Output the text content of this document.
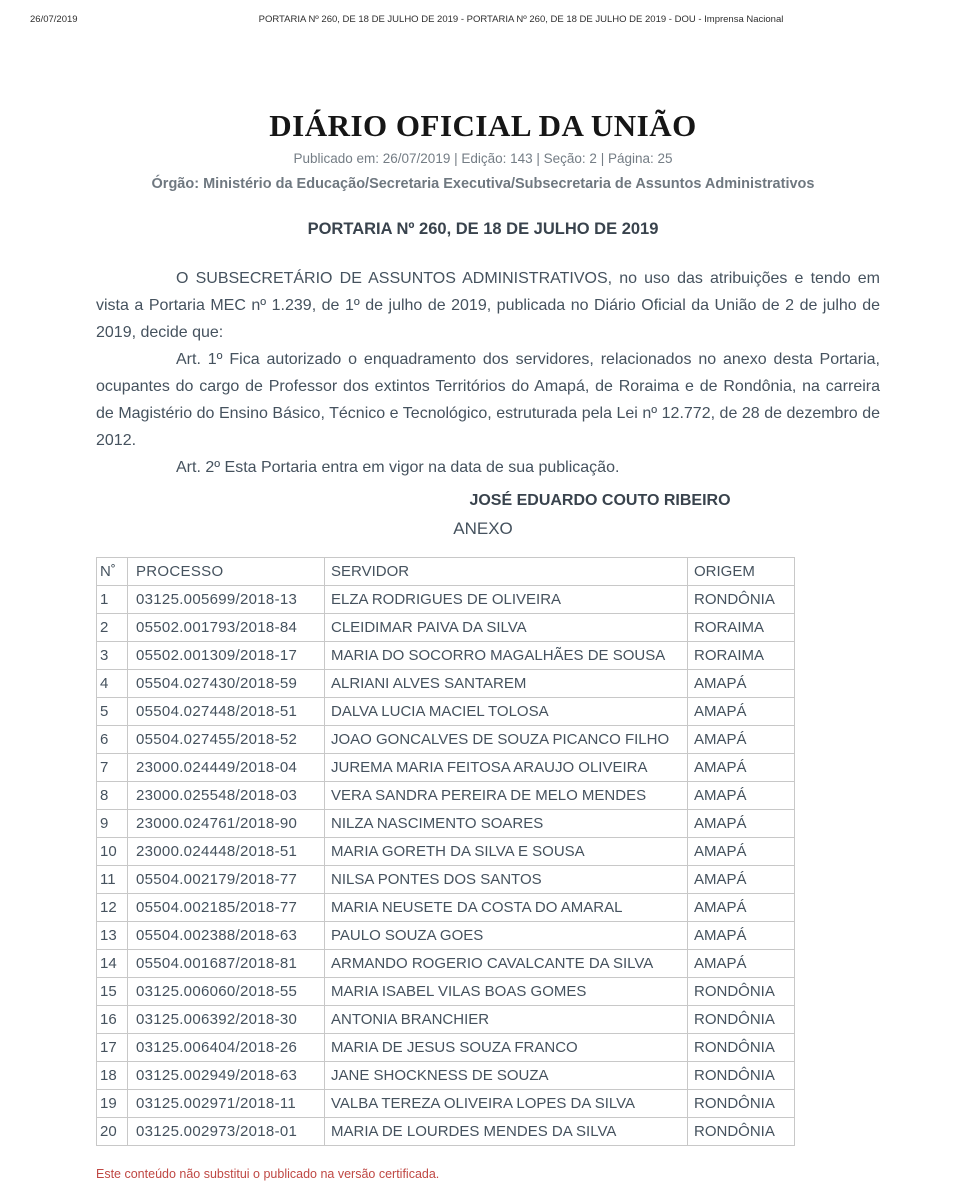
26/07/2019	PORTARIA Nº 260, DE 18 DE JULHO DE 2019 - PORTARIA Nº 260, DE 18 DE JULHO DE 2019 - DOU - Imprensa Nacional
DIÁRIO OFICIAL DA UNIÃO
Publicado em: 26/07/2019 | Edição: 143 | Seção: 2 | Página: 25
Órgão: Ministério da Educação/Secretaria Executiva/Subsecretaria de Assuntos Administrativos
PORTARIA Nº 260, DE 18 DE JULHO DE 2019

O SUBSECRETÁRIO DE ASSUNTOS ADMINISTRATIVOS, no uso das atribuições e tendo em vista a Portaria MEC nº 1.239, de 1º de julho de 2019, publicada no Diário Oficial da União de 2 de julho de 2019, decide que:

Art. 1º Fica autorizado o enquadramento dos servidores, relacionados no anexo desta Portaria, ocupantes do cargo de Professor dos extintos Territórios do Amapá, de Roraima e de Rondônia, na carreira de Magistério do Ensino Básico, Técnico e Tecnológico, estruturada pela Lei nº 12.772, de 28 de dezembro de 2012.

Art. 2º Esta Portaria entra em vigor na data de sua publicação.

JOSÉ EDUARDO COUTO RIBEIRO
ANEXO
N˚	PROCESSO	SERVIDOR	ORIGEM
1	03125.005699/2018-13	ELZA RODRIGUES DE OLIVEIRA	RONDÔNIA
2	05502.001793/2018-84	CLEIDIMAR PAIVA DA SILVA	RORAIMA
3	05502.001309/2018-17	MARIA DO SOCORRO MAGALHÃES DE SOUSA	RORAIMA
4	05504.027430/2018-59	ALRIANI ALVES SANTAREM	AMAPÁ
5	05504.027448/2018-51	DALVA LUCIA MACIEL TOLOSA	AMAPÁ
6	05504.027455/2018-52	JOAO GONCALVES DE SOUZA PICANCO FILHO	AMAPÁ
7	23000.024449/2018-04	JUREMA MARIA FEITOSA ARAUJO OLIVEIRA	AMAPÁ
8	23000.025548/2018-03	VERA SANDRA PEREIRA DE MELO MENDES	AMAPÁ
9	23000.024761/2018-90	NILZA NASCIMENTO SOARES	AMAPÁ
10	23000.024448/2018-51	MARIA GORETH DA SILVA E SOUSA	AMAPÁ
11	05504.002179/2018-77	NILSA PONTES DOS SANTOS	AMAPÁ
12	05504.002185/2018-77	MARIA NEUSETE DA COSTA DO AMARAL	AMAPÁ
13	05504.002388/2018-63	PAULO SOUZA GOES	AMAPÁ
14	05504.001687/2018-81	ARMANDO ROGERIO CAVALCANTE DA SILVA	AMAPÁ
15	03125.006060/2018-55	MARIA ISABEL VILAS BOAS GOMES	RONDÔNIA
16	03125.006392/2018-30	ANTONIA BRANCHIER	RONDÔNIA
17	03125.006404/2018-26	MARIA DE JESUS SOUZA FRANCO	RONDÔNIA
18	03125.002949/2018-63	JANE SHOCKNESS DE SOUZA	RONDÔNIA
19	03125.002971/2018-11	VALBA TEREZA OLIVEIRA LOPES DA SILVA	RONDÔNIA
20	03125.002973/2018-01	MARIA DE LOURDES MENDES DA SILVA	RONDÔNIA
Este conteúdo não substitui o publicado na versão certificada.
